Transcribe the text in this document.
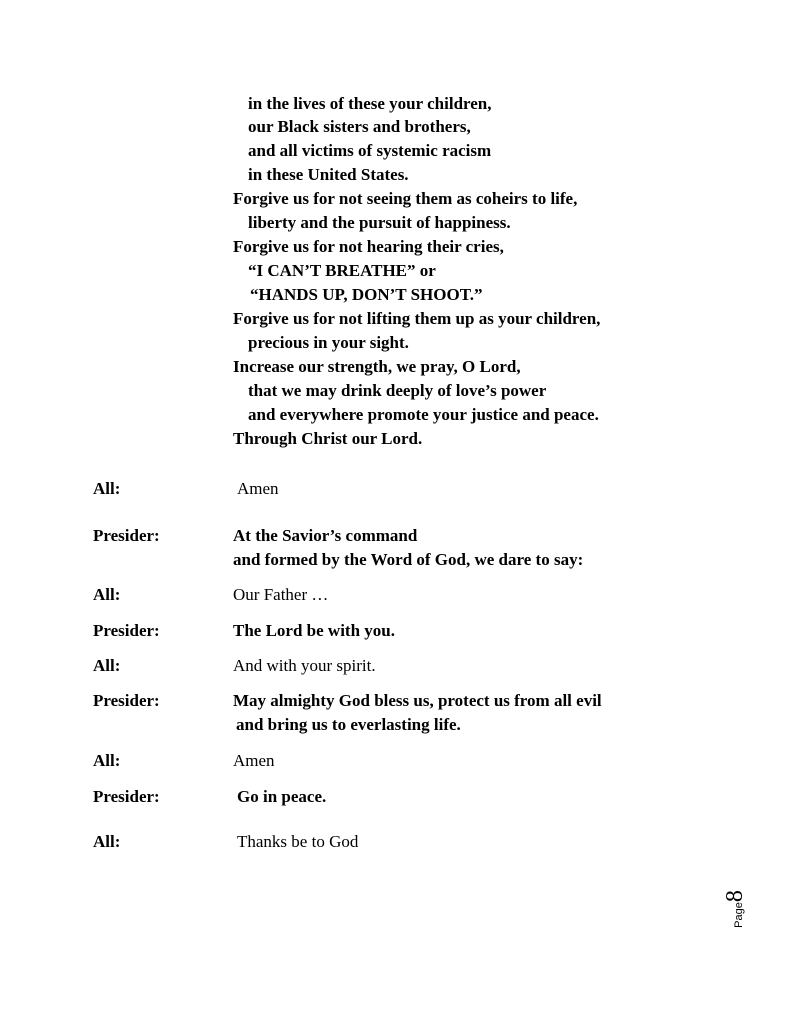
in the lives of these your children,
our Black sisters and brothers,
and all victims of systemic racism
in these United States.
Forgive us for not seeing them as coheirs to life,
liberty and the pursuit of happiness.
Forgive us for not hearing their cries,
“I CAN’T BREATHE” or
“HANDS UP, DON’T SHOOT.”
Forgive us for not lifting them up as your children,
precious in your sight.
Increase our strength, we pray, O Lord,
that we may drink deeply of love’s power
and everywhere promote your justice and peace.
Through Christ our Lord.
All:	Amen
Presider:	At the Savior’s command
and formed by the Word of God, we dare to say:
All:	Our Father …
Presider:	The Lord be with you.
All:	And with your spirit.
Presider:	May almighty God bless us, protect us from all evil
and bring us to everlasting life.
All:	Amen
Presider:	Go in peace.
All:	Thanks be to God
Page
8
